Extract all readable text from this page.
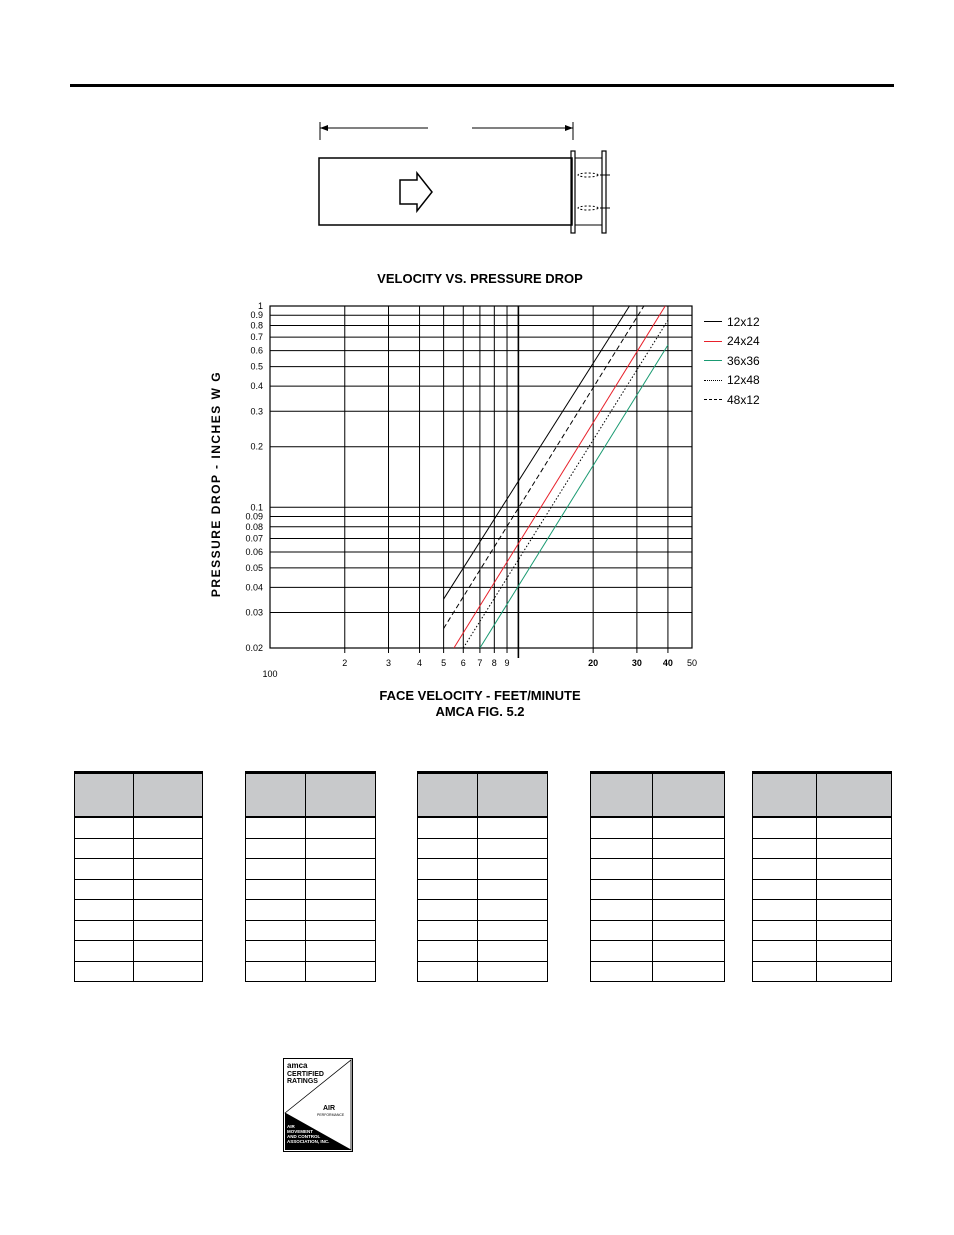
VELOCITY VS. PRESSURE DROP
PRESSURE DROP - INCHES W G
FACE VELOCITY - FEET/MINUTE
AMCA FIG. 5.2
0.02
0.03
0.04
0.05
0.06
0.07
0.08
0.09
0.1
0.2
0.3
0.4
0.5
0.6
0.7
0.8
0.9
1
100
2	3	4 5 6 7 8 9	20	30 40 50
12x12
24x24
36x36
12x48
48x12

amca
CERTIFIED
RATINGS
AIR
PERFORMANCE
AIR
MOVEMENT
AND CONTROL
ASSOCIATION, INC.
